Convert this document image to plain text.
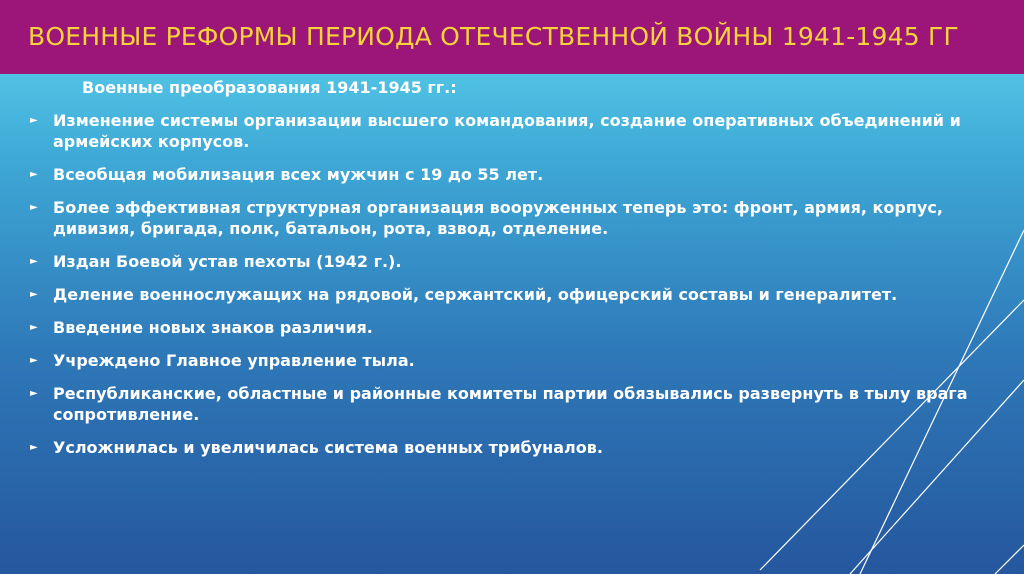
ВОЕННЫЕ РЕФОРМЫ ПЕРИОДА ОТЕЧЕСТВЕННОЙ ВОЙНЫ 1941-1945 ГГ
Военные преобразования 1941-1945 гг.:
► Изменение системы организации высшего командования, создание оперативных объединений и армейских корпусов.
► Всеобщая мобилизация всех мужчин с 19 до 55 лет.
► Более эффективная структурная организация вооруженных теперь это: фронт, армия, корпус, дивизия, бригада, полк, батальон, рота, взвод, отделение.
► Издан Боевой устав пехоты (1942 г.).
► Деление военнослужащих на рядовой, сержантский, офицерский составы и генералитет.
► Введение новых знаков различия.
► Учреждено Главное управление тыла.
► Республиканские, областные и районные комитеты партии обязывались развернуть в тылу врага сопротивление.
► Усложнилась и увеличилась система военных трибуналов.
